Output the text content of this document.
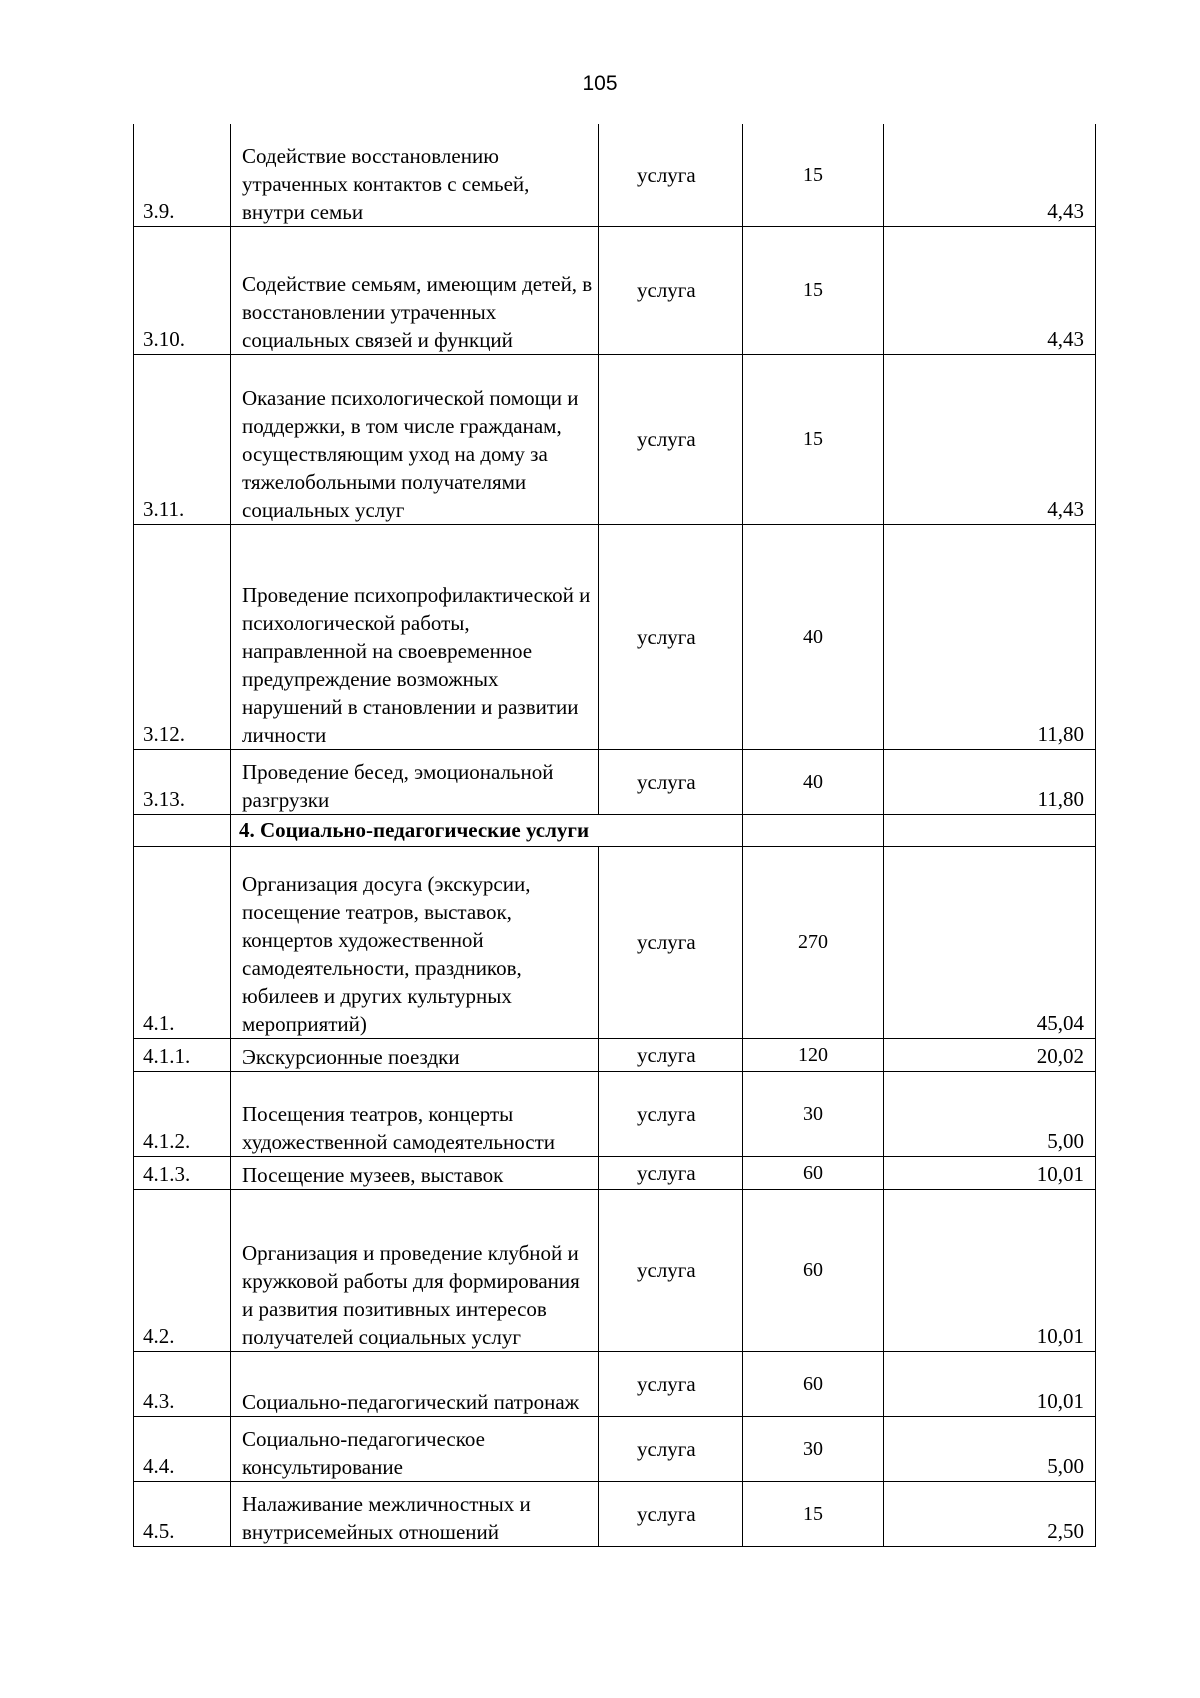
105
3.9.	Содействие восстановлению утраченных контактов с семьей, внутри семьи	услуга	15	4,43
3.10.	Содействие семьям, имеющим детей, в восстановлении утраченных социальных связей и функций	услуга	15	4,43
3.11.	Оказание психологической помощи и поддержки, в том числе гражданам, осуществляющим уход на дому за тяжелобольными получателями социальных услуг	услуга	15	4,43
3.12.	Проведение психопрофилактической и психологической работы, направленной на своевременное предупреждение возможных нарушений в становлении и развитии личности	услуга	40	11,80
3.13.	Проведение бесед, эмоциональной разгрузки	услуга	40	11,80
	4. Социально-педагогические услуги			
4.1.	Организация досуга (экскурсии, посещение театров, выставок, концертов художественной самодеятельности, праздников, юбилеев и других культурных мероприятий)	услуга	270	45,04
4.1.1.	Экскурсионные поездки	услуга	120	20,02
4.1.2.	Посещения театров, концерты художественной самодеятельности	услуга	30	5,00
4.1.3.	Посещение музеев, выставок	услуга	60	10,01
4.2.	Организация и проведение клубной и кружковой работы для формирования и развития позитивных интересов получателей социальных услуг	услуга	60	10,01
4.3.	Социально-педагогический патронаж	услуга	60	10,01
4.4.	Социально-педагогическое консультирование	услуга	30	5,00
4.5.	Налаживание межличностных и внутрисемейных отношений	услуга	15	2,50
